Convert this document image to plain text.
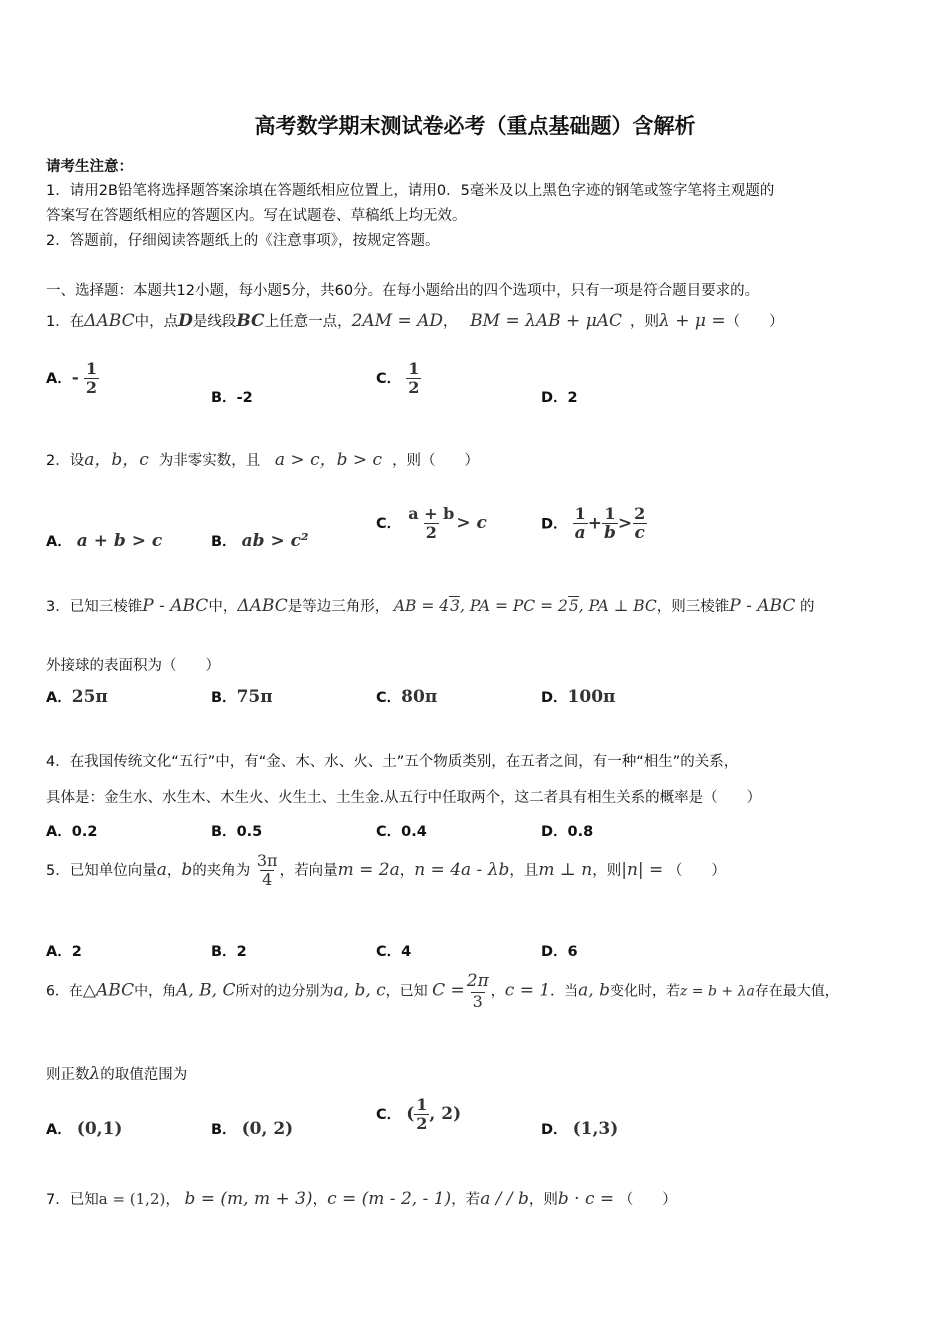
高考数学期末测试卷必考（重点基础题）含解析
请考生注意：
1．请用2B铅笔将选择题答案涂填在答题纸相应位置上，请用0．5毫米及以上黑色字迹的钢笔或签字笔将主观题的
答案写在答题纸相应的答题区内。写在试题卷、草稿纸上均无效。
2．答题前，仔细阅读答题纸上的《注意事项》，按规定答题。
一、选择题：本题共12小题，每小题5分，共60分。在每小题给出的四个选项中，只有一项是符合题目要求的。
1．在ΔABC中，点D是线段BC上任意一点，2AM = AD， BM = λAB + μAC ，则λ + μ =（　　）
A．- $\frac{1}{2}$
B．-2
C． $\frac{1}{2}$
D．2
2．设a，b，c 为非零实数，且 a > c，b > c ，则（　　）
A． a + b > c	B． ab > c²
C． $\frac{a + b}{2} > c$	D． $\frac{1}{a} + \frac{1}{b} > \frac{2}{c}$
3．已知三棱锥P - ABC中，ΔABC是等边三角形， AB = 43, PA = PC = 25, PA ⊥ BC，则三棱锥P - ABC 的
外接球的表面积为（　　）
A．25π	B．75π	C．80π	D．100π
4．在我国传统文化“五行”中，有“金、木、水、火、土”五个物质类别，在五者之间，有一种“相生”的关系，
具体是：金生水、水生木、木生火、火生土、土生金.从五行中任取两个，这二者具有相生关系的概率是（　　）
A．0.2	B．0.5	C．0.4	D．0.8
5．已知单位向量a，b的夹角为 $\frac{3\pi}{4}$ ，若向量m = 2a，n = 4a - λb，且m ⊥ n，则|n| = （　　）
A．2	B．2	C．4	D．6
6．在△ABC中，角A, B, C所对的边分别为a, b, c，已知 $C = \frac{2\pi}{3}$ ，c = 1．当a, b变化时，若z = b + λa存在最大值，
则正数λ的取值范围为
A． (0,1)	B． (0, 2)
C． ( $\frac{1}{2}$ , 2)
D． (1,3)
7．已知a = (1,2)， b = (m, m + 3)，c = (m - 2, - 1)，若a / / b，则b · c = （　　）
